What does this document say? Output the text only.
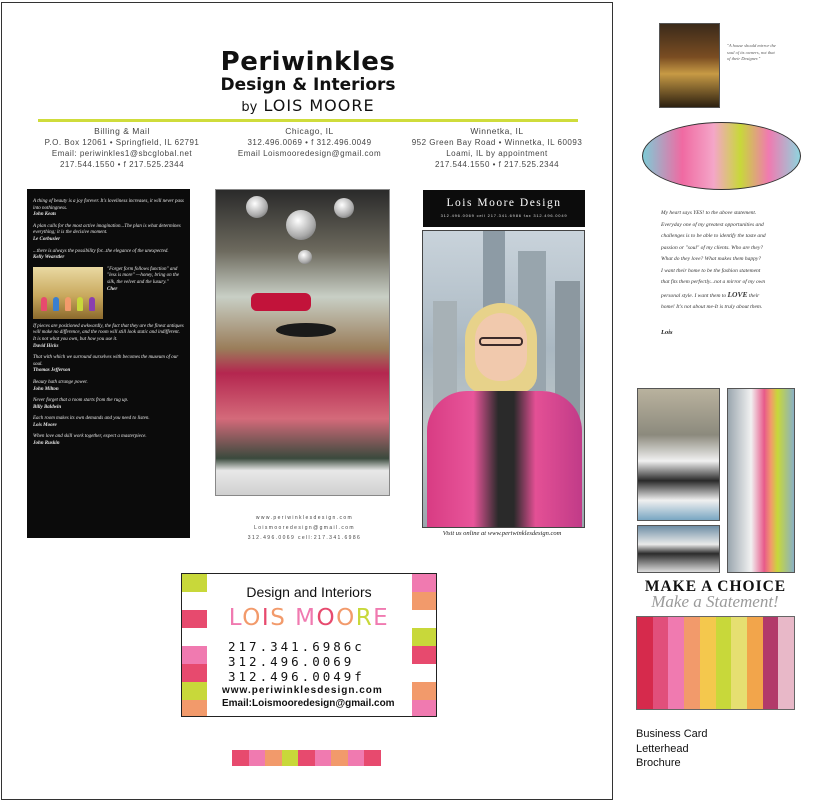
Periwinkles
Design & Interiors
by LOIS MOORE
Billing & Mail
P.O. Box 12061 • Springfield, IL 62791
Email: periwinkles1@sbcglobal.net
217.544.1550 • f 217.525.2344
Chicago, IL
312.496.0069 • f 312.496.0049
Email Loismooredesign@gmail.com
Winnetka, IL
952 Green Bay Road • Winnetka, IL 60093
Loami, IL by appointment
217.544.1550 • f 217.525.2344

A thing of beauty is a joy forever. It's loveliness increases, it will never pass into nothingness.
John Keats

A plan calls for the most active imagination...The plan is what determines everything; it is the decisive moment.
Le Corbusier

...there is always the possibility for...the elegance of the unexpected.
Kelly Wearstler

"Forget form follows function" and "less is more" —honey, bring on the silk, the velvet and the luxury."
Cher

If pieces are positioned awkwardly, the fact that they are the finest antiques will make no difference, and the room will still look static and indifferent. It is not what you own, but how you use it.
David Hicks

That with which we surround ourselves with becomes the museum of our soul.
Thomas Jefferson

Beauty hath strange power.
John Milton

Never forget that a room starts from the rug up.
Billy Baldwin

Each room makes its own demands and you need to listen.
Lois Moore

When love and skill work together, expect a masterpiece.
John Ruskin

www.periwinklesdesign.com
Loismooredesign@gmail.com
312.496.0069 cell:217.341.6986
Lois Moore Design
312.496.0069 cell 217.341.6986 fax 312.496.0049
Visit us online at www.periwinklesdesign.com
Design and Interiors
LOIS MOORE
217.341.6986c
312.496.0069
312.496.0049f
www.periwinklesdesign.com
Email:Loismooredesign@gmail.com
"A house should mirror the soul of its owners, not that of their Designer."
My heart says YES! to the above statement.
Everyday one of my greatest opportunities and
challenges is to be able to identify the taste and
passion or "soul" of my clients. Who are they?
What do they love? What makes them happy?
I want their home to be the fashion statement
that fits them perfectly...not a mirror of my own
personal style. I want them to LOVE their
home! It's not about me-It is truly about them.
Lois
MAKE A CHOICE
Make a Statement!
Business Card
Letterhead
Brochure
